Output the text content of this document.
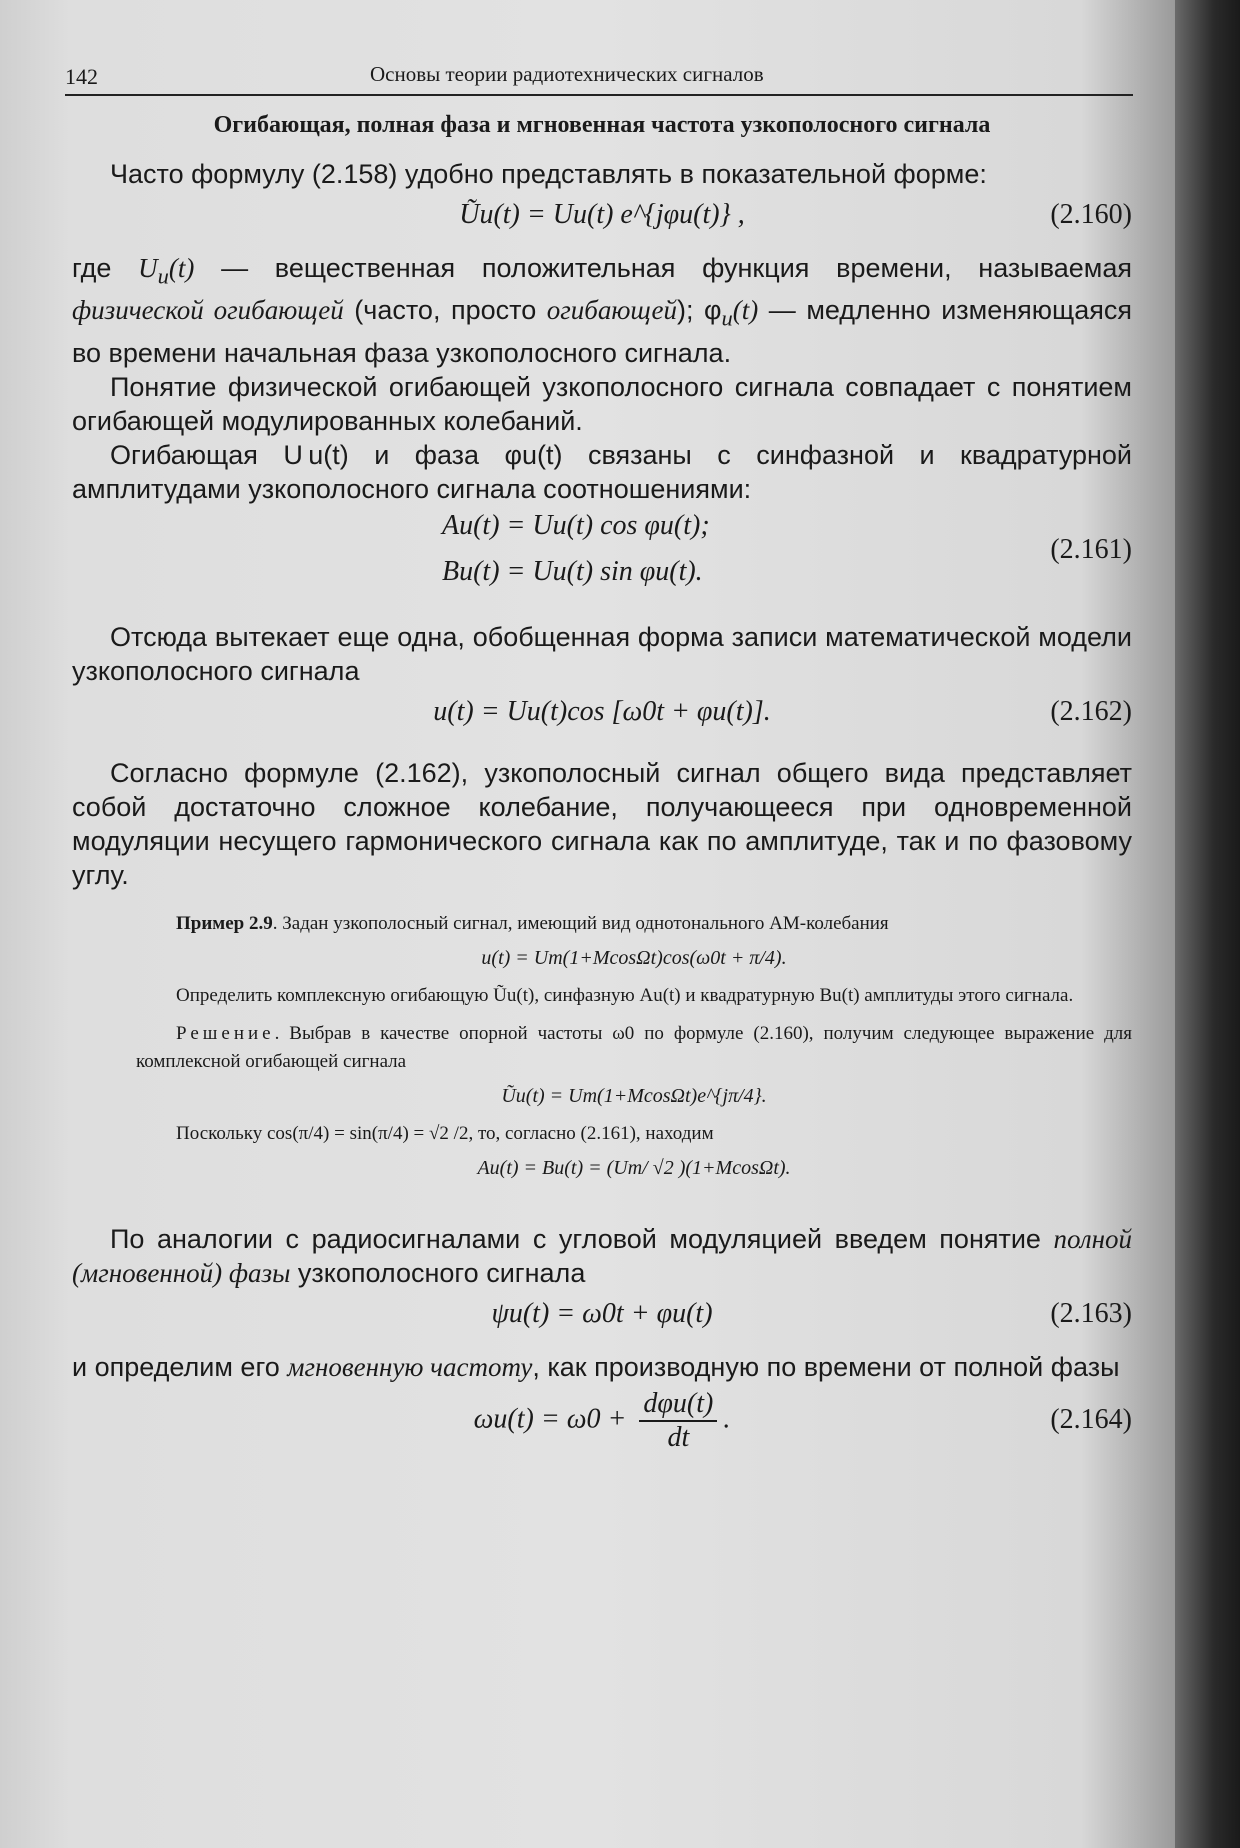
142	Основы теории радиотехнических сигналов
Огибающая, полная фаза и мгновенная частота узкополосного сигнала

Часто формулу (2.158) удобно представлять в показательной форме:

Ũu(t) = Uu(t) e^{jφu(t)} ,	(2.160)

где $U_u(t)$ — вещественная положительная функция времени, называемая физической огибающей (часто, просто огибающей); $\varphi_u(t)$ — медленно изменяющаяся во времени начальная фаза узкополосного сигнала.

Понятие физической огибающей узкополосного сигнала совпадает с понятием огибающей модулированных колебаний.

Огибающая U u(t) и фаза φu(t) связаны с синфазной и квадратурной амплитудами узкополосного сигнала соотношениями:

Au(t) = Uu(t) cos φu(t);
Bu(t) = Uu(t) sin φu(t).
(2.161)

Отсюда вытекает еще одна, обобщенная форма записи математической модели узкополосного сигнала

u(t) = Uu(t)cos [ω0t + φu(t)].	(2.162)

Согласно формуле (2.162), узкополосный сигнал общего вида представляет собой достаточно сложное колебание, получающееся при одновременной модуляции несущего гармонического сигнала как по амплитуде, так и по фазовому углу.

Пример 2.9. Задан узкополосный сигнал, имеющий вид однотонального АМ-колебания
u(t) = Um(1+McosΩt)cos(ω0t + π/4).
Определить комплексную огибающую Ũu(t), синфазную Au(t) и квадратурную Bu(t) амплитуды этого сигнала.
Решение. Выбрав в качестве опорной частоты ω0 по формуле (2.160), получим следующее выражение для комплексной огибающей сигнала
Ũu(t) = Um(1+McosΩt)e^{jπ/4}.
Поскольку cos(π/4) = sin(π/4) = √2 /2, то, согласно (2.161), находим
Au(t) = Bu(t) = (Um/ √2 )(1+McosΩt).

По аналогии с радиосигналами с угловой модуляцией введем понятие полной (мгновенной) фазы узкополосного сигнала

ψu(t) = ω0t + φu(t)	(2.163)

и определим его мгновенную частоту, как производную по времени от полной фазы

$\omega u(t) = \omega 0 + \frac{\text{dφu(t)}}{dt}$ .	(2.164)
